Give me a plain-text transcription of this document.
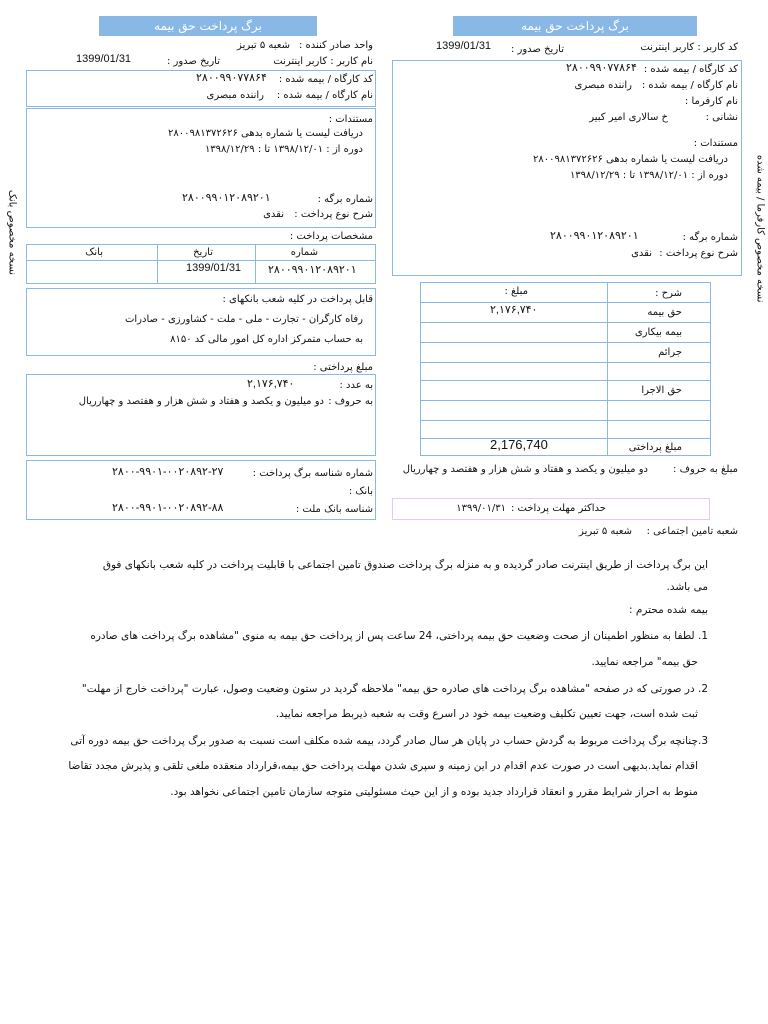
برگ پرداخت حق بیمه
واحد صادر کننده :
شعبه ۵ تبریز
نام کاربر : کاربر اینترنت
تاریخ صدور :
1399/01/31
کد کارگاه / بیمه شده :
۲۸۰۰۹۹۰۷۷۸۶۴
نام کارگاه / بیمه شده :
راننده مبصری
مستندات :
دریافت لیست یا شماره بدهی ۲۸۰۰۹۸۱۳۷۲۶۲۶
دوره از : ۱۳۹۸/۱۲/۰۱ تا : ۱۳۹۸/۱۲/۲۹
شماره برگه :
۲۸۰۰۹۹۰۱۲۰۸۹۲۰۱
شرح نوع پرداخت :
نقدی
مشخصات پرداخت :
شماره
تاریخ
بانک
۲۸۰۰۹۹۰۱۲۰۸۹۲۰۱
1399/01/31
قابل پرداخت در کلیه شعب بانکهای :
رفاه کارگران - تجارت - ملی - ملت - کشاورزی - صادرات
به حساب متمرکز اداره کل امور مالی کد ۸۱۵۰
مبلغ پرداختی :
به عدد :
۲,۱۷۶,۷۴۰
به حروف :
دو میلیون و یکصد و هفتاد و شش هزار و هفتصد و چهارریال
شماره شناسه برگ پرداخت :
۲۸۰۰-۹۹۰۱-۰۰۲۰۸۹۲-۲۷
بانک :
شناسه بانک ملت :
۲۸۰۰-۹۹۰۱-۰۰۲۰۸۹۲-۸۸
نسخه مخصوص بانک
برگ پرداخت حق بیمه
کد کاربر : کاربر اینترنت
تاریخ صدور :
1399/01/31
کد کارگاه / بیمه شده :
۲۸۰۰۹۹۰۷۷۸۶۴
نام کارگاه / بیمه شده :
راننده مبصری
نام کارفرما :
نشانی :
خ سالاری امیر کبیر
مستندات :
دریافت لیست یا شماره بدهی ۲۸۰۰۹۸۱۳۷۲۶۲۶
دوره از : ۱۳۹۸/۱۲/۰۱ تا : ۱۳۹۸/۱۲/۲۹
شماره برگه :
۲۸۰۰۹۹۰۱۲۰۸۹۲۰۱
شرح نوع پرداخت :
نقدی
شرح :
مبلغ :
حق بیمه
۲,۱۷۶,۷۴۰
بیمه بیکاری
جرائم
حق الاجرا
مبلغ پرداختی
2,176,740
مبلغ به حروف :
دو میلیون و یکصد و هفتاد و شش هزار و هفتصد و چهارریال
حداکثر مهلت پرداخت :
۱۳۹۹/۰۱/۳۱
شعبه تامین اجتماعی :
شعبه ۵ تبریز
نسخه مخصوص کارفرما / بیمه شده
این برگ پرداخت از طریق اینترنت صادر گردیده و به منزله برگ پرداخت صندوق تامین اجتماعی با قابلیت پرداخت در کلیه شعب بانکهای فوق
می باشد.
بیمه شده محترم :
1. لطفا به منظور اطمینان از صحت وضعیت حق بیمه پرداختی، 24 ساعت پس از پرداخت حق بیمه به منوی "مشاهده برگ پرداخت های صادره
حق بیمه" مراجعه نمایید.
2. در صورتی که در صفحه "مشاهده برگ پرداخت های صادره حق بیمه" ملاحظه گردید در ستون وضعیت وصول، عبارت "پرداخت خارج از مهلت"
ثبت شده است، جهت تعیین تکلیف وضعیت بیمه خود در اسرع وقت به شعبه ذیربط مراجعه نمایید.
3.چنانچه برگ پرداخت مربوط به گردش حساب در پایان هر سال صادر گردد، بیمه شده مکلف است نسبت به صدور برگ پرداخت حق بیمه دوره آتی
اقدام نماید.بدیهی است در صورت عدم اقدام در این زمینه و سپری شدن مهلت پرداخت حق بیمه،قرارداد منعقده ملغی تلقی و پذیرش مجدد تقاضا
منوط به احراز شرایط مقرر و انعقاد قرارداد جدید بوده و از این حیث مسئولیتی متوجه سازمان تامین اجتماعی نخواهد بود.
